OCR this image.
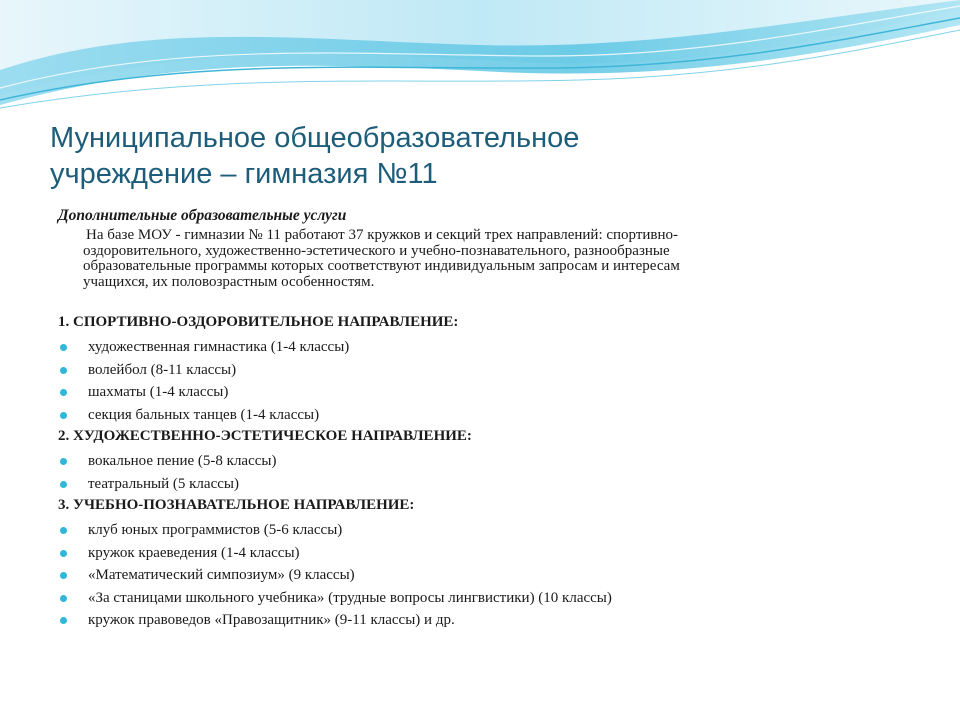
Муниципальное общеобразовательное
учреждение – гимназия №11

Дополнительные образовательные услуги

На базе МОУ - гимназии № 11 работают 37 кружков и секций трех направлений: спортивно-
оздоровительного, художественно-эстетического и учебно-познавательного, разнообразные
образовательные программы которых соответствуют индивидуальным запросам и интересам
учащихся, их половозрастным особенностям.

1. СПОРТИВНО-ОЗДОРОВИТЕЛЬНОЕ НАПРАВЛЕНИЕ:

художественная гимнастика (1-4 классы)
волейбол (8-11 классы)
шахматы (1-4 классы)
секция бальных танцев (1-4 классы)

2. ХУДОЖЕСТВЕННО-ЭСТЕТИЧЕСКОЕ НАПРАВЛЕНИЕ:

вокальное пение (5-8 классы)
театральный (5 классы)

3. УЧЕБНО-ПОЗНАВАТЕЛЬНОЕ НАПРАВЛЕНИЕ:

клуб юных программистов (5-6 классы)
кружок краеведения (1-4 классы)
«Математический симпозиум» (9 классы)
«За станицами школьного учебника» (трудные вопросы лингвистики) (10 классы)
кружок правоведов «Правозащитник» (9-11 классы) и др.
